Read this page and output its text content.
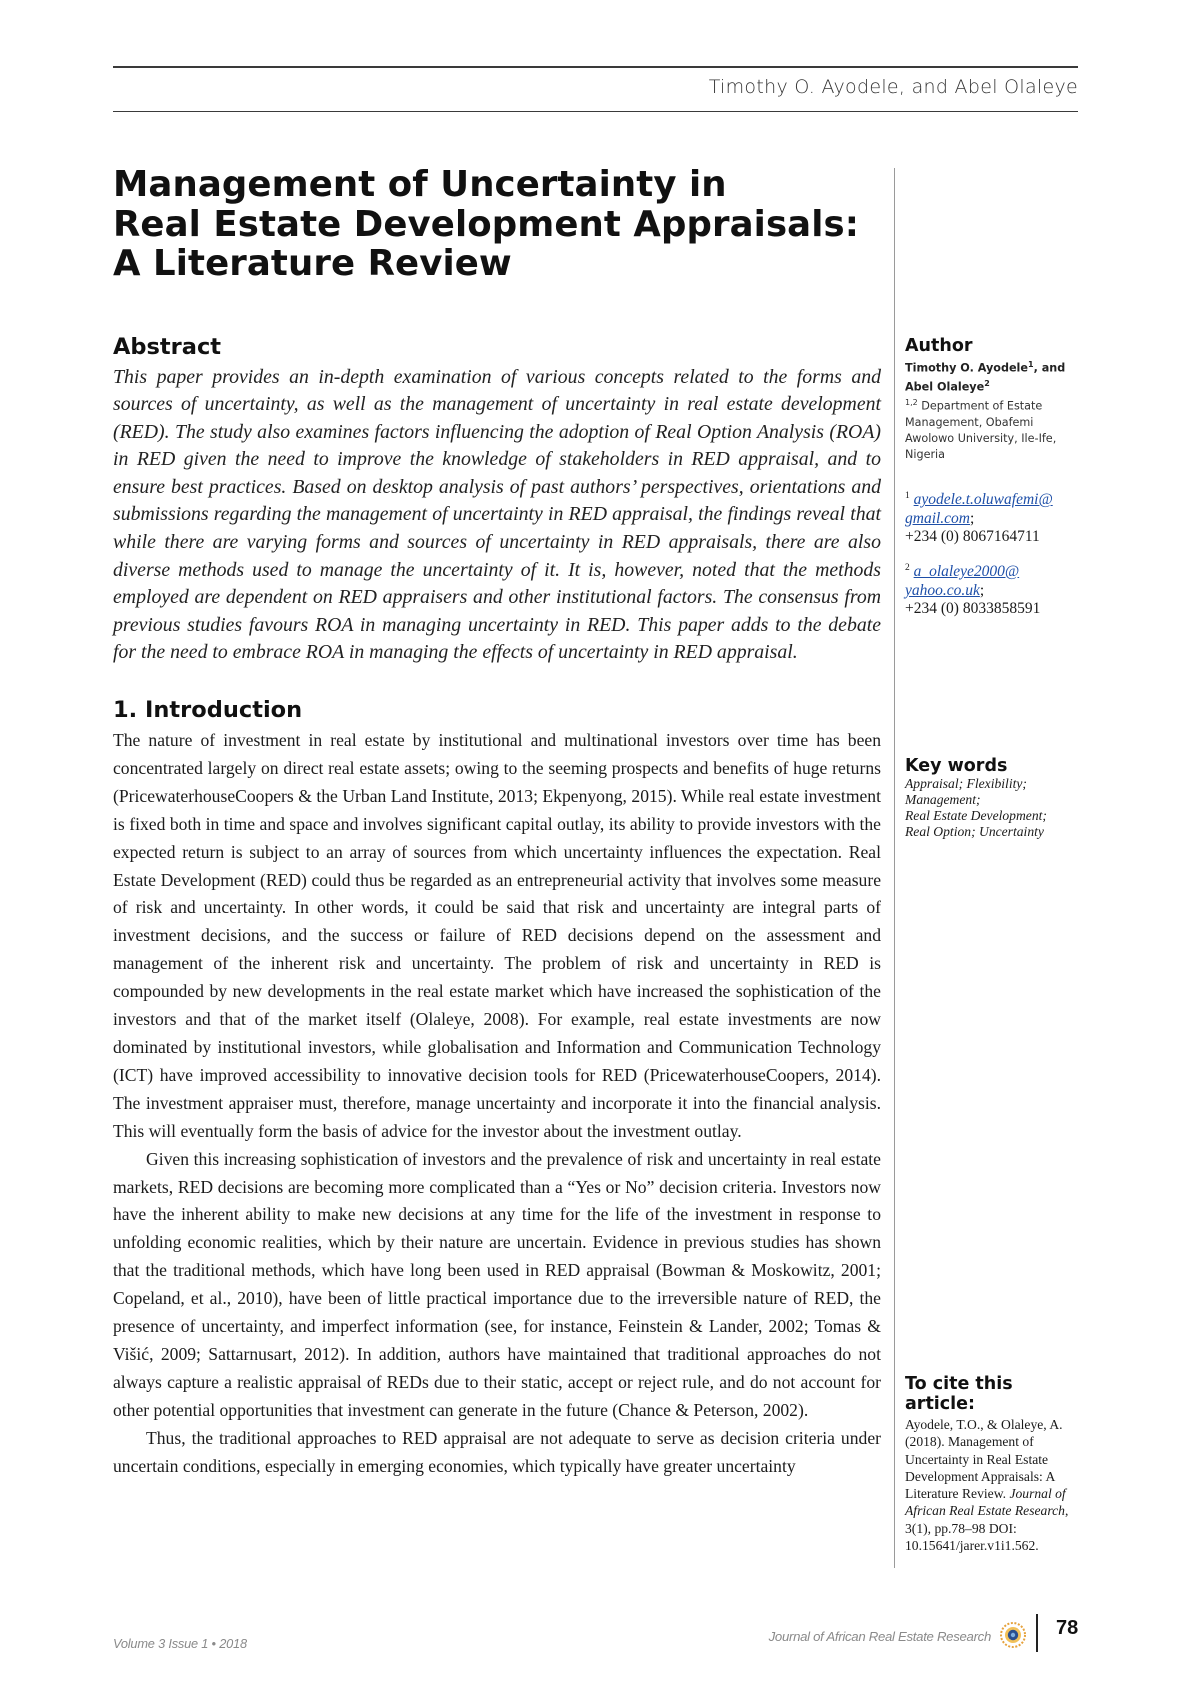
Timothy O. Ayodele, and Abel Olaleye
Management of Uncertainty in
Real Estate Development Appraisals:
A Literature Review
Abstract

This paper provides an in-depth examination of various concepts related to the forms and sources of uncertainty, as well as the management of uncertainty in real estate development (RED). The study also examines factors influencing the adoption of Real Option Analysis (ROA) in RED given the need to improve the knowledge of stakeholders in RED appraisal, and to ensure best practices. Based on desktop analysis of past authors’ perspectives, orientations and submissions regarding the management of uncertainty in RED appraisal, the findings reveal that while there are varying forms and sources of uncertainty in RED appraisals, there are also diverse methods used to manage the uncertainty of it. It is, however, noted that the methods employed are dependent on RED appraisers and other institutional factors. The consensus from previous studies favours ROA in managing uncertainty in RED. This paper adds to the debate for the need to embrace ROA in managing the effects of uncertainty in RED appraisal.

1. Introduction

The nature of investment in real estate by institutional and multinational investors over time has been concentrated largely on direct real estate assets; owing to the seeming prospects and benefits of huge returns (PricewaterhouseCoopers & the Urban Land Institute, 2013; Ekpenyong, 2015). While real estate investment is fixed both in time and space and involves significant capital outlay, its ability to provide investors with the expected return is subject to an array of sources from which uncertainty influences the expectation. Real Estate Development (RED) could thus be regarded as an entrepreneurial activity that involves some measure of risk and uncertainty. In other words, it could be said that risk and uncertainty are integral parts of investment decisions, and the success or failure of RED decisions depend on the assessment and management of the inherent risk and uncertainty. The problem of risk and uncertainty in RED is compounded by new developments in the real estate market which have increased the sophistication of the investors and that of the market itself (Olaleye, 2008). For example, real estate investments are now dominated by institutional investors, while globalisation and Information and Communication Technology (ICT) have improved accessibility to innovative decision tools for RED (PricewaterhouseCoopers, 2014). The investment appraiser must, therefore, manage uncertainty and incorporate it into the financial analysis. This will eventually form the basis of advice for the investor about the investment outlay.

Given this increasing sophistication of investors and the prevalence of risk and uncertainty in real estate markets, RED decisions are becoming more complicated than a “Yes or No” decision criteria. Investors now have the inherent ability to make new decisions at any time for the life of the investment in response to unfolding economic realities, which by their nature are uncertain. Evidence in previous studies has shown that the traditional methods, which have long been used in RED appraisal (Bowman & Moskowitz, 2001; Copeland, et al., 2010), have been of little practical importance due to the irreversible nature of RED, the presence of uncertainty, and imperfect information (see, for instance, Feinstein & Lander, 2002; Tomas & Višić, 2009; Sattarnusart, 2012). In addition, authors have maintained that traditional approaches do not always capture a realistic appraisal of REDs due to their static, accept or reject rule, and do not account for other potential opportunities that investment can generate in the future (Chance & Peterson, 2002).

Thus, the traditional approaches to RED appraisal are not adequate to serve as decision criteria under uncertain conditions, especially in emerging economies, which typically have greater uncertainty

Author
Timothy O. Ayodele$^1$, and
Abel Olaleye$^2$
$^{1,2}$ Department of Estate Management, Obafemi Awolowo University, Ile-Ife, Nigeria
$^1$ ayodele.t.oluwafemi@
gmail.com;
+234 (0) 8067164711
$^2$ a_olaleye2000@
yahoo.co.uk;
+234 (0) 8033858591
Key words
Appraisal; Flexibility;
Management;
Real Estate Development;
Real Option; Uncertainty
To cite this article:
Ayodele, T.O., & Olaleye, A. (2018). Management of Uncertainty in Real Estate Development Appraisals: A Literature Review. Journal of African Real Estate Research, 3(1), pp.78–98 DOI: 10.15641/jarer.v1i1.562.
Volume 3 Issue 1 • 2018	Journal of African Real Estate Research	78
